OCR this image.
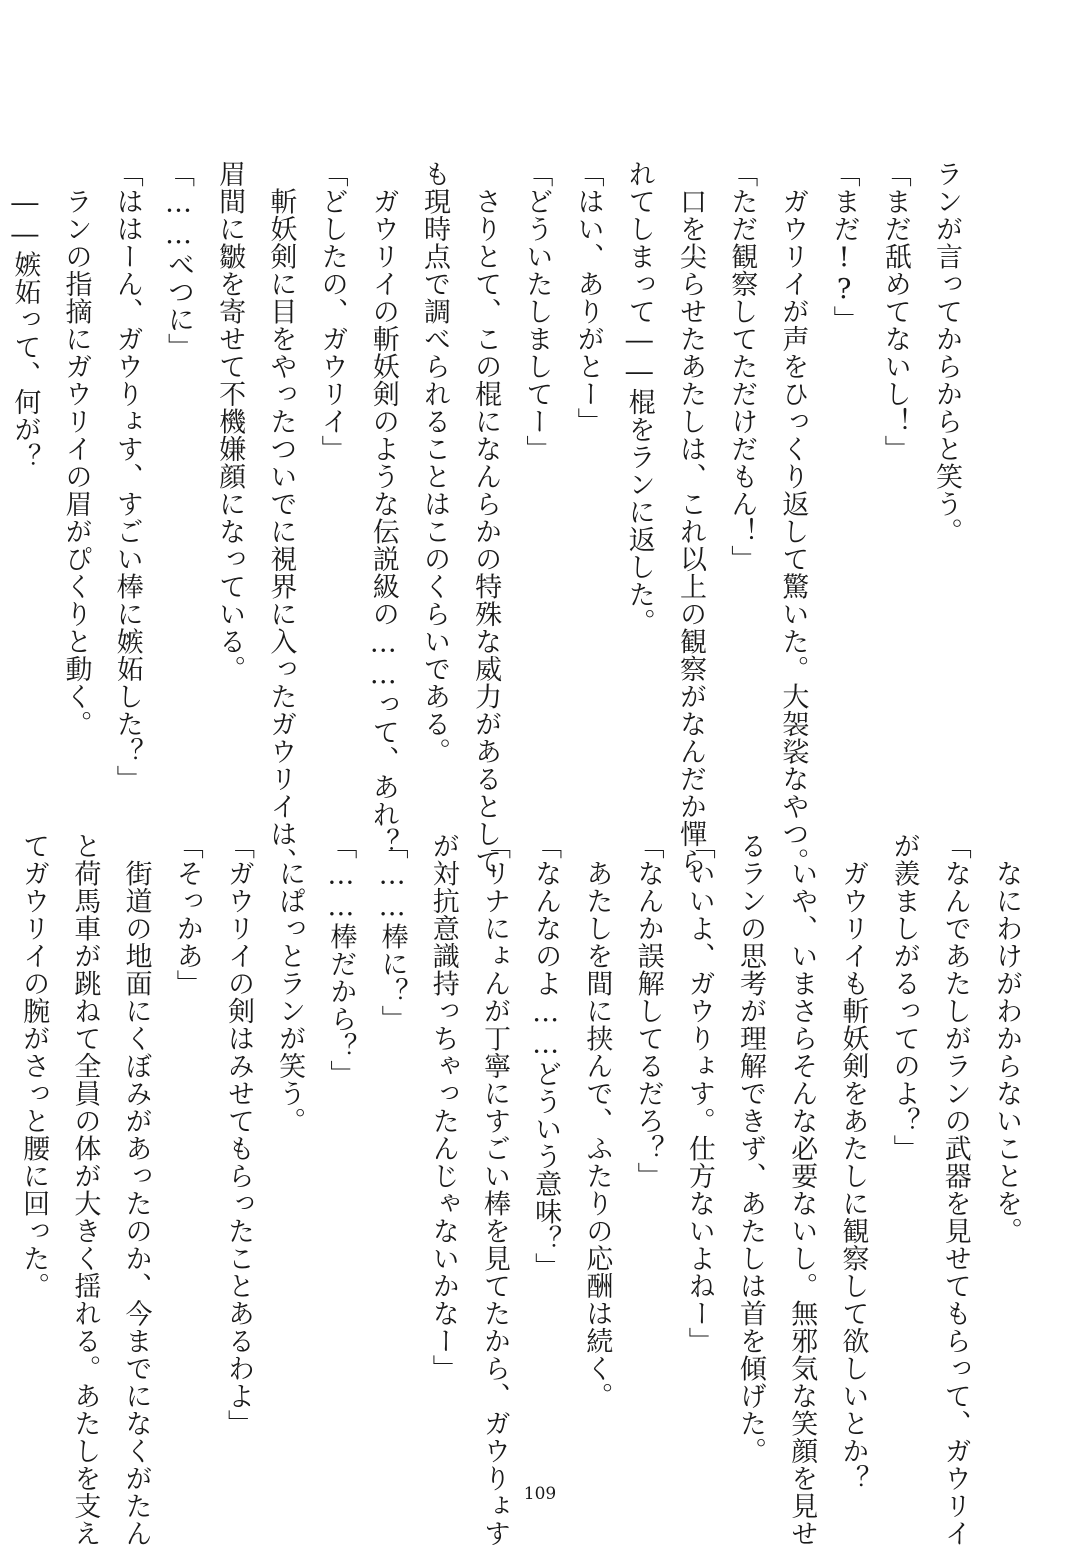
ランが言ってからからと笑う。
「まだ舐めてないし！」
「まだ!?」
　ガウリイが声をひっくり返して驚いた。大袈裟なやつ。
「ただ観察してただけだもん！」
　口を尖らせたあたしは、これ以上の観察がなんだか憚ら
れてしまって――棍をランに返した。
「はい、ありがとー」
「どういたしましてー」
　さりとて、この棍になんらかの特殊な威力があるとして
も現時点で調べられることはこのくらいである。
　ガウリイの斬妖剣のような伝説級の……って、あれ？
「どしたの、ガウリイ」
　斬妖剣に目をやったついでに視界に入ったガウリイは、
眉間に皺を寄せて不機嫌顔になっている。
「……べつに」
「ははーん、ガウりょす、すごい棒に嫉妬した？」
　ランの指摘にガウリイの眉がぴくりと動く。
　――嫉妬って、何が？
　なにわけがわからないことを。
「なんであたしがランの武器を見せてもらって、ガウリイ
が羨ましがるってのよ？」
　ガウリイも斬妖剣をあたしに観察して欲しいとか？
　いや、いまさらそんな必要ないし。無邪気な笑顔を見せ
るランの思考が理解できず、あたしは首を傾げた。
「いいよ、ガウりょす。仕方ないよねー」
「なんか誤解してるだろ？」
　あたしを間に挟んで、ふたりの応酬は続く。
「なんなのよ……どういう意味？」
「リナにょんが丁寧にすごい棒を見てたから、ガウりょす
が対抗意識持っちゃったんじゃないかなー」
「……棒に？」
「……棒だから？」
　にぱっとランが笑う。
「ガウリイの剣はみせてもらったことあるわよ」
「そっかあ」
　街道の地面にくぼみがあったのか、今までになくがたん
と荷馬車が跳ねて全員の体が大きく揺れる。あたしを支え
てガウリイの腕がさっと腰に回った。
109
